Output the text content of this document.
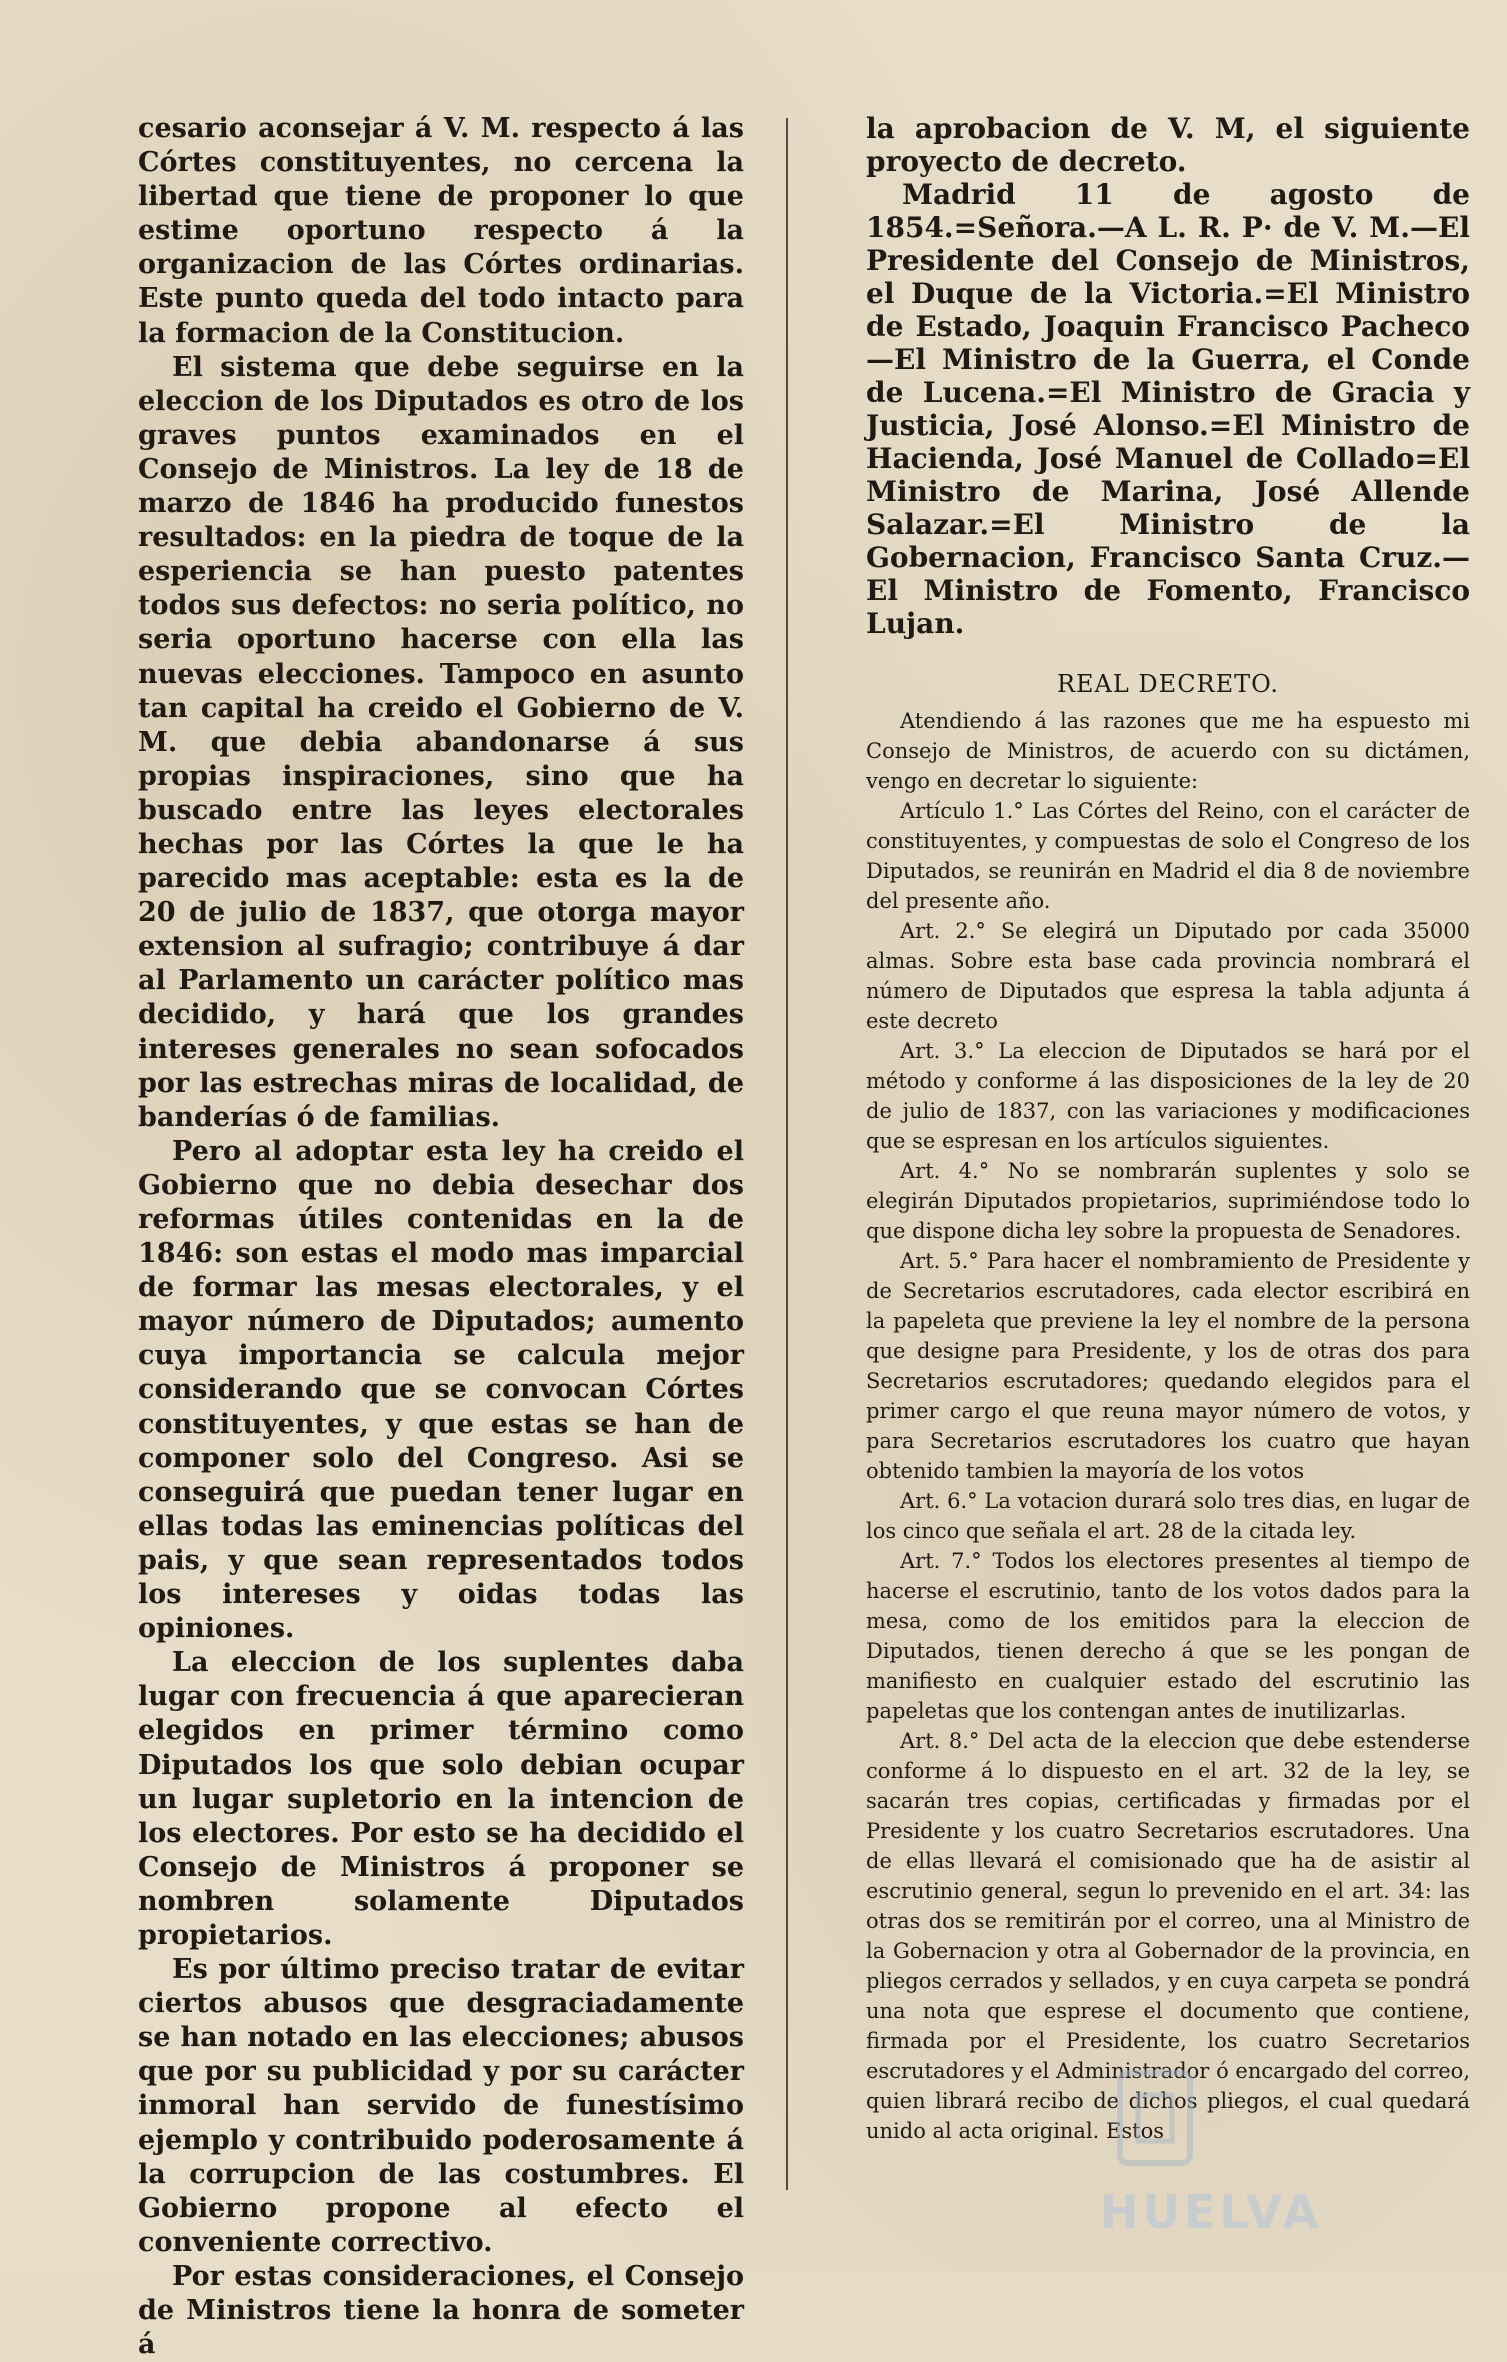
cesario aconsejar á V. M. respecto á las Córtes constituyentes, no cercena la libertad que tiene de proponer lo que estime oportuno respecto á la organizacion de las Córtes ordinarias. Este punto queda del todo intacto para la formacion de la Constitucion.

El sistema que debe seguirse en la eleccion de los Diputados es otro de los graves puntos examinados en el Consejo de Ministros. La ley de 18 de marzo de 1846 ha producido funestos resultados: en la piedra de toque de la esperiencia se han puesto patentes todos sus defectos: no seria político, no seria oportuno hacerse con ella las nuevas elecciones. Tampoco en asunto tan capital ha creido el Gobierno de V. M. que debia abandonarse á sus propias inspiraciones, sino que ha buscado entre las leyes electorales hechas por las Córtes la que le ha parecido mas aceptable: esta es la de 20 de julio de 1837, que otorga mayor extension al sufragio; contribuye á dar al Parlamento un carácter político mas decidido, y hará que los grandes intereses generales no sean sofocados por las estrechas miras de localidad, de banderías ó de familias.

Pero al adoptar esta ley ha creido el Gobierno que no debia desechar dos reformas útiles contenidas en la de 1846: son estas el modo mas imparcial de formar las mesas electorales, y el mayor número de Diputados; aumento cuya importancia se calcula mejor considerando que se convocan Córtes constituyentes, y que estas se han de componer solo del Congreso. Asi se conseguirá que puedan tener lugar en ellas todas las eminencias políticas del pais, y que sean representados todos los intereses y oidas todas las opiniones.

La eleccion de los suplentes daba lugar con frecuencia á que aparecieran elegidos en primer término como Diputados los que solo debian ocupar un lugar supletorio en la intencion de los electores. Por esto se ha decidido el Consejo de Ministros á proponer se nombren solamente Diputados propietarios.

Es por último preciso tratar de evitar ciertos abusos que desgraciadamente se han notado en las elecciones; abusos que por su publicidad y por su carácter inmoral han servido de funestísimo ejemplo y contribuido poderosamente á la corrupcion de las costumbres. El Gobierno propone al efecto el conveniente correctivo.

Por estas consideraciones, el Consejo de Ministros tiene la honra de someter á

la aprobacion de V. M, el siguiente proyecto de decreto.

Madrid 11 de agosto de 1854.=Señora.—A L. R. P· de V. M.—El Presidente del Consejo de Ministros, el Duque de la Victoria.=El Ministro de Estado, Joaquin Francisco Pacheco—El Ministro de la Guerra, el Conde de Lucena.=El Ministro de Gracia y Justicia, José Alonso.=El Ministro de Hacienda, José Manuel de Collado=El Ministro de Marina, José Allende Salazar.=El Ministro de la Gobernacion, Francisco Santa Cruz.—El Ministro de Fomento, Francisco Lujan.

REAL DECRETO.

Atendiendo á las razones que me ha espuesto mi Consejo de Ministros, de acuerdo con su dictámen, vengo en decretar lo siguiente:

Artículo 1.° Las Córtes del Reino, con el carácter de constituyentes, y compuestas de solo el Congreso de los Diputados, se reunirán en Madrid el dia 8 de noviembre del presente año.

Art. 2.° Se elegirá un Diputado por cada 35000 almas. Sobre esta base cada provincia nombrará el número de Diputados que espresa la tabla adjunta á este decreto

Art. 3.° La eleccion de Diputados se hará por el método y conforme á las disposiciones de la ley de 20 de julio de 1837, con las variaciones y modificaciones que se espresan en los artículos siguientes.

Art. 4.° No se nombrarán suplentes y solo se elegirán Diputados propietarios, suprimiéndose todo lo que dispone dicha ley sobre la propuesta de Senadores.

Art. 5.° Para hacer el nombramiento de Presidente y de Secretarios escrutadores, cada elector escribirá en la papeleta que previene la ley el nombre de la persona que designe para Presidente, y los de otras dos para Secretarios escrutadores; quedando elegidos para el primer cargo el que reuna mayor número de votos, y para Secretarios escrutadores los cuatro que hayan obtenido tambien la mayoría de los votos

Art. 6.° La votacion durará solo tres dias, en lugar de los cinco que señala el art. 28 de la citada ley.

Art. 7.° Todos los electores presentes al tiempo de hacerse el escrutinio, tanto de los votos dados para la mesa, como de los emitidos para la eleccion de Diputados, tienen derecho á que se les pongan de manifiesto en cualquier estado del escrutinio las papeletas que los contengan antes de inutilizarlas.

Art. 8.° Del acta de la eleccion que debe estenderse conforme á lo dispuesto en el art. 32 de la ley, se sacarán tres copias, certificadas y firmadas por el Presidente y los cuatro Secretarios escrutadores. Una de ellas llevará el comisionado que ha de asistir al escrutinio general, segun lo prevenido en el art. 34: las otras dos se remitirán por el correo, una al Ministro de la Gobernacion y otra al Gobernador de la provincia, en pliegos cerrados y sellados, y en cuya carpeta se pondrá una nota que esprese el documento que contiene, firmada por el Presidente, los cuatro Secretarios escrutadores y el Administrador ó encargado del correo, quien librará recibo de dichos pliegos, el cual quedará unido al acta original. Estos

HUELVA
